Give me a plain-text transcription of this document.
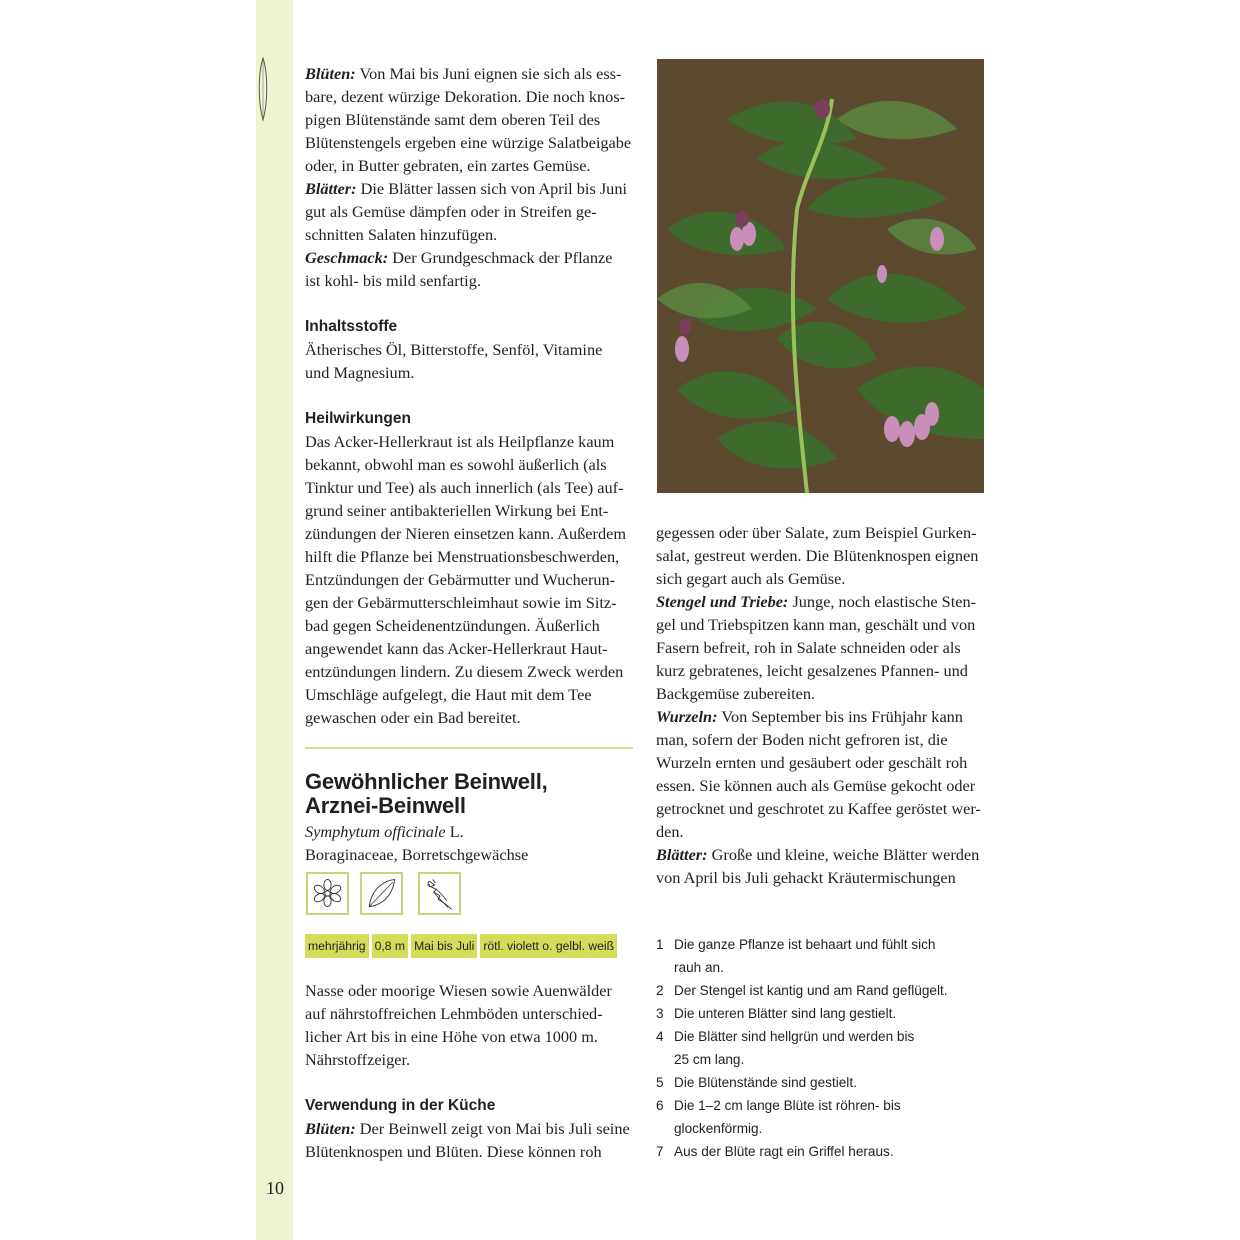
Blüten: Von Mai bis Juni eignen sie sich als ess-
bare, dezent würzige Dekoration. Die noch knos-
pigen Blütenstände samt dem oberen Teil des
Blütenstengels ergeben eine würzige Salatbeigabe
oder, in Butter gebraten, ein zartes Gemüse.
Blätter: Die Blätter lassen sich von April bis Juni
gut als Gemüse dämpfen oder in Streifen ge-
schnitten Salaten hinzufügen.
Geschmack: Der Grundgeschmack der Pflanze
ist kohl- bis mild senfartig.

Inhaltsstoffe

Ätherisches Öl, Bitterstoffe, Senföl, Vitamine
und Magnesium.

Heilwirkungen

Das Acker-Hellerkraut ist als Heilpflanze kaum
bekannt, obwohl man es sowohl äußerlich (als
Tinktur und Tee) als auch innerlich (als Tee) auf-
grund seiner antibakteriellen Wirkung bei Ent-
zündungen der Nieren einsetzen kann. Außerdem
hilft die Pflanze bei Menstruationsbeschwerden,
Entzündungen der Gebärmutter und Wucherun-
gen der Gebärmutterschleimhaut sowie im Sitz-
bad gegen Scheidenentzündungen. Äußerlich
angewendet kann das Acker-Hellerkraut Haut-
entzündungen lindern. Zu diesem Zweck werden
Umschläge aufgelegt, die Haut mit dem Tee
gewaschen oder ein Bad bereitet.
Gewöhnlicher Beinwell,
Arznei-Beinwell
Symphytum officinale L.
Boraginaceae, Borretschgewächse
mehrjährig 0,8 m Mai bis Juli rötl. violett o. gelbl. weiß
Nasse oder moorige Wiesen sowie Auenwälder
auf nährstoffreichen Lehmböden unterschied-
licher Art bis in eine Höhe von etwa 1000 m.
Nährstoffzeiger.

Verwendung in der Küche

Blüten: Der Beinwell zeigt von Mai bis Juli seine
Blütenknospen und Blüten. Diese können roh
gegessen oder über Salate, zum Beispiel Gurken-
salat, gestreut werden. Die Blütenknospen eignen
sich gegart auch als Gemüse.
Stengel und Triebe: Junge, noch elastische Sten-
gel und Triebspitzen kann man, geschält und von
Fasern befreit, roh in Salate schneiden oder als
kurz gebratenes, leicht gesalzenes Pfannen- und
Backgemüse zubereiten.
Wurzeln: Von September bis ins Frühjahr kann
man, sofern der Boden nicht gefroren ist, die
Wurzeln ernten und gesäubert oder geschält roh
essen. Sie können auch als Gemüse gekocht oder
getrocknet und geschrotet zu Kaffee geröstet wer-
den.
Blätter: Große und kleine, weiche Blätter werden
von April bis Juli gehackt Kräutermischungen
1 Die ganze Pflanze ist behaart und fühlt sich
rauh an.
2 Der Stengel ist kantig und am Rand geflügelt.
3 Die unteren Blätter sind lang gestielt.
4 Die Blätter sind hellgrün und werden bis
25 cm lang.
5 Die Blütenstände sind gestielt.
6 Die 1–2 cm lange Blüte ist röhren- bis
glockenförmig.
7 Aus der Blüte ragt ein Griffel heraus.
10
